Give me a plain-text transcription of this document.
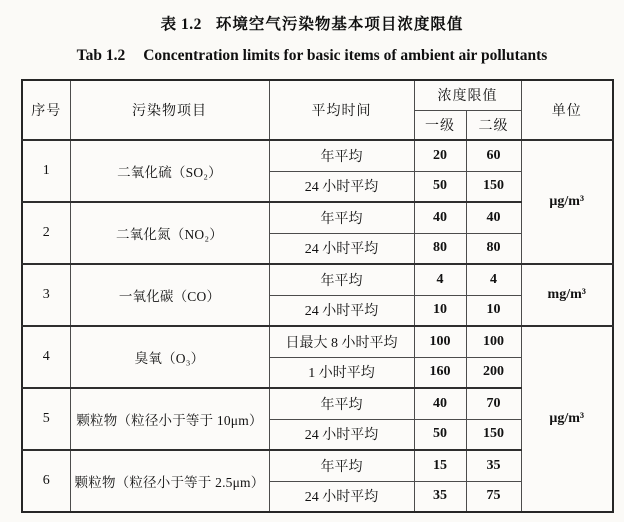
表 1.2 环境空气污染物基本项目浓度限值
Tab 1.2 Concentration limits for basic items of ambient air pollutants
序号	污染物项目	平均时间	浓度限值		单位
			一级	二级	
1	二氧化硫（SO₂）	年平均	20	60	μg/m³
		24 小时平均	50	150	
2	二氧化氮（NO₂）	年平均	40	40	
		24 小时平均	80	80	
3	一氧化碳（CO）	年平均	4	4	mg/m³
		24 小时平均	10	10	
4	臭氧（O₃）	日最大 8 小时平均	100	100	μg/m³
		1 小时平均	160	200	
5	颗粒物（粒径小于等于 10μm）	年平均	40	70	
		24 小时平均	50	150	
6	颗粒物（粒径小于等于 2.5μm）	年平均	15	35	
		24 小时平均	35	75	
